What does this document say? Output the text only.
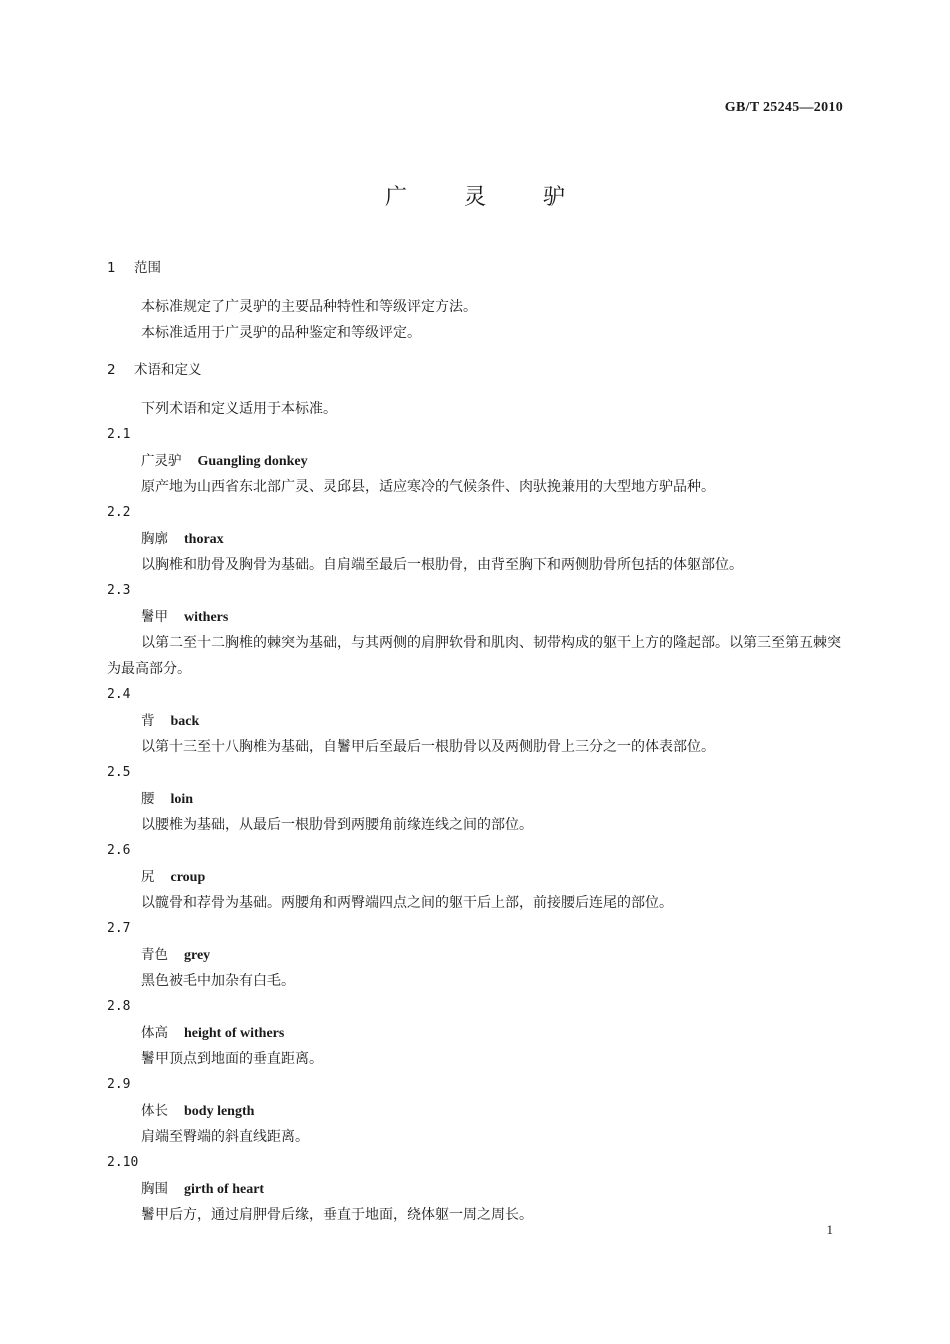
GB/T 25245—2010
广	灵	驴
1 范围
本标准规定了广灵驴的主要品种特性和等级评定方法。
本标准适用于广灵驴的品种鉴定和等级评定。
2 术语和定义
下列术语和定义适用于本标准。
2.1
广灵驴 Guangling donkey
原产地为山西省东北部广灵、灵邱县，适应寒冷的气候条件、肉驮挽兼用的大型地方驴品种。
2.2
胸廓 thorax
以胸椎和肋骨及胸骨为基础。自肩端至最后一根肋骨，由背至胸下和两侧肋骨所包括的体躯部位。
2.3
鬐甲 withers
以第二至十二胸椎的棘突为基础，与其两侧的肩胛软骨和肌肉、韧带构成的躯干上方的隆起部。以第三至第五棘突为最高部分。
2.4
背 back
以第十三至十八胸椎为基础，自鬐甲后至最后一根肋骨以及两侧肋骨上三分之一的体表部位。
2.5
腰 loin
以腰椎为基础，从最后一根肋骨到两腰角前缘连线之间的部位。
2.6
尻 croup
以髋骨和荐骨为基础。两腰角和两臀端四点之间的躯干后上部，前接腰后连尾的部位。
2.7
青色 grey
黑色被毛中加杂有白毛。
2.8
体高 height of withers
鬐甲顶点到地面的垂直距离。
2.9
体长 body length
肩端至臀端的斜直线距离。
2.10
胸围 girth of heart
鬐甲后方，通过肩胛骨后缘，垂直于地面，绕体躯一周之周长。
1
